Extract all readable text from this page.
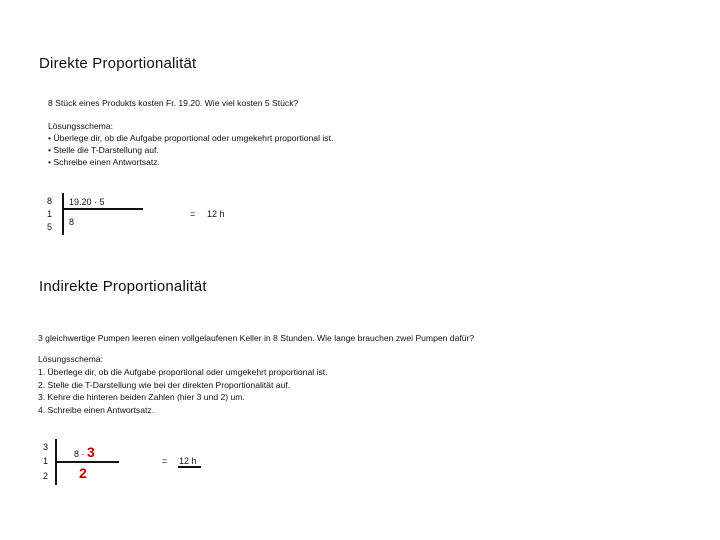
Direkte Proportionalität
8 Stück eines Produkts kosten Fr. 19.20. Wie viel kosten 5 Stück?
Lösungsschema:
• Überlege dir, ob die Aufgabe proportional oder umgekehrt proportional ist.
• Stelle die T-Darstellung auf.
• Schreibe einen Antwortsatz.
8
1
5
19.20 · 5
8
= 12 h
Indirekte Proportionalität
3 gleichwertige Pumpen leeren einen vollgelaufenen Keller in 8 Stunden. Wie lange brauchen zwei Pumpen dafür?
Lösungsschema:
1. Überlege dir, ob die Aufgabe proportional oder umgekehrt proportional ist.
2. Stelle die T-Darstellung wie bei der direkten Proportionalität auf.
3. Kehre die hinteren beiden Zahlen (hier 3 und 2) um.
4. Schreibe einen Antwortsatz.
3
1
2
8 · 3
2
= 12 h
